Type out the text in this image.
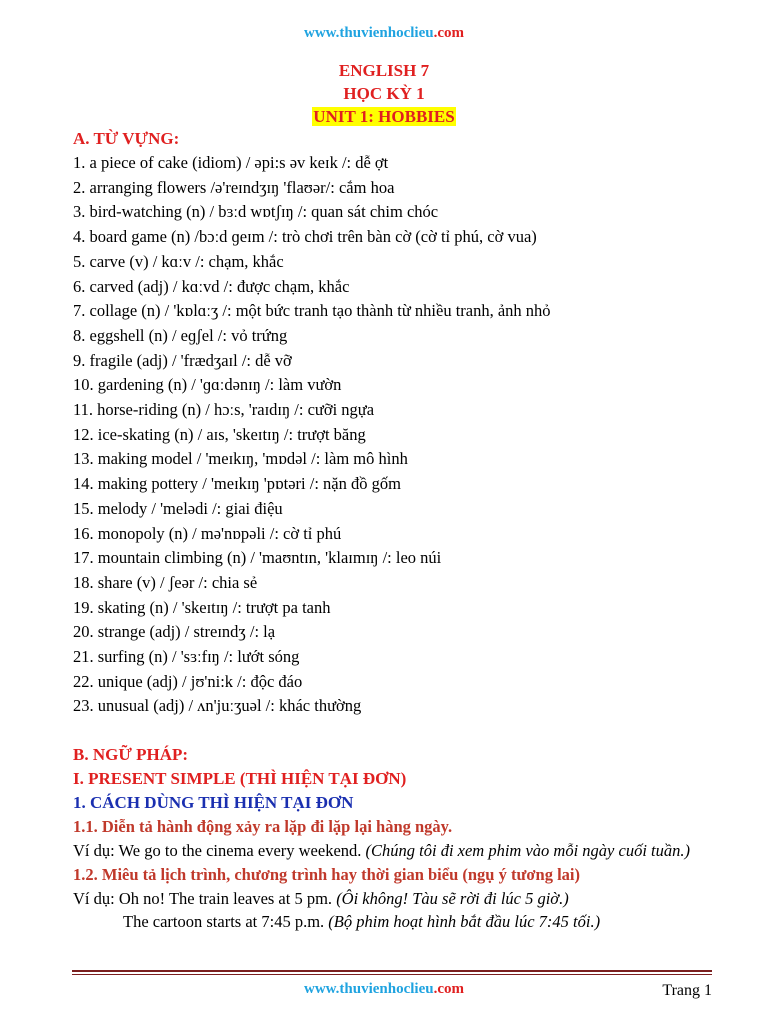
www.thuvienhoclieu.com
ENGLISH 7
HỌC KỲ 1
UNIT 1: HOBBIES
A. TỪ VỰNG:
1. a piece of cake (idiom) / əpi:s əv keɪk /: dễ ợt
2. arranging flowers /ə'reɪndʒɪŋ 'flaʊər/: cắm hoa
3. bird-watching (n) / bɜːd wɒtʃɪŋ /: quan sát chim chóc
4. board game (n) /bɔːd ɡeɪm /: trò chơi trên bàn cờ (cờ tỉ phú, cờ vua)
5. carve (v) / kɑːv /: chạm, khắc
6. carved (adj) / kɑːvd /: được chạm, khắc
7. collage (n) / 'kɒlɑːʒ /: một bức tranh tạo thành từ nhiều tranh, ảnh nhỏ
8. eggshell (n) / eɡʃel /: vỏ trứng
9. fragile (adj) / 'frædʒaɪl /: dễ vỡ
10. gardening (n) / 'ɡɑːdənɪŋ /: làm vườn
11. horse-riding (n) / hɔːs, 'raɪdɪŋ /: cưỡi ngựa
12. ice-skating (n) / aɪs, 'skeɪtɪŋ /: trượt băng
13. making model / 'meɪkɪŋ, 'mɒdəl /: làm mô hình
14. making pottery / 'meɪkɪŋ 'pɒtəri /: nặn đồ gốm
15. melody / 'melədi /: giai điệu
16. monopoly (n) / mə'nɒpəli /: cờ tỉ phú
17. mountain climbing (n) / 'maʊntɪn, 'klaɪmɪŋ /: leo núi
18. share (v) / ʃeər /: chia sẻ
19. skating (n) / 'skeɪtɪŋ /: trượt pa tanh
20. strange (adj) / streɪndʒ /: lạ
21. surfing (n) / 'sɜːfɪŋ /: lướt sóng
22. unique (adj) / jʊ'ni:k /: độc đáo
23. unusual (adj) / ʌn'juːʒuəl /: khác thường
B. NGỮ PHÁP:
I. PRESENT SIMPLE (THÌ HIỆN TẠI ĐƠN)
1. CÁCH DÙNG THÌ HIỆN TẠI ĐƠN
1.1. Diễn tả hành động xảy ra lặp đi lặp lại hàng ngày.
Ví dụ: We go to the cinema every weekend. (Chúng tôi đi xem phim vào mỗi ngày cuối tuần.)
1.2. Miêu tả lịch trình, chương trình hay thời gian biểu (ngụ ý tương lai)
Ví dụ: Oh no! The train leaves at 5 pm. (Ôi không! Tàu sẽ rời đi lúc 5 giờ.)
The cartoon starts at 7:45 p.m. (Bộ phim hoạt hình bắt đầu lúc 7:45 tối.)
www.thuvienhoclieu.com	Trang 1
